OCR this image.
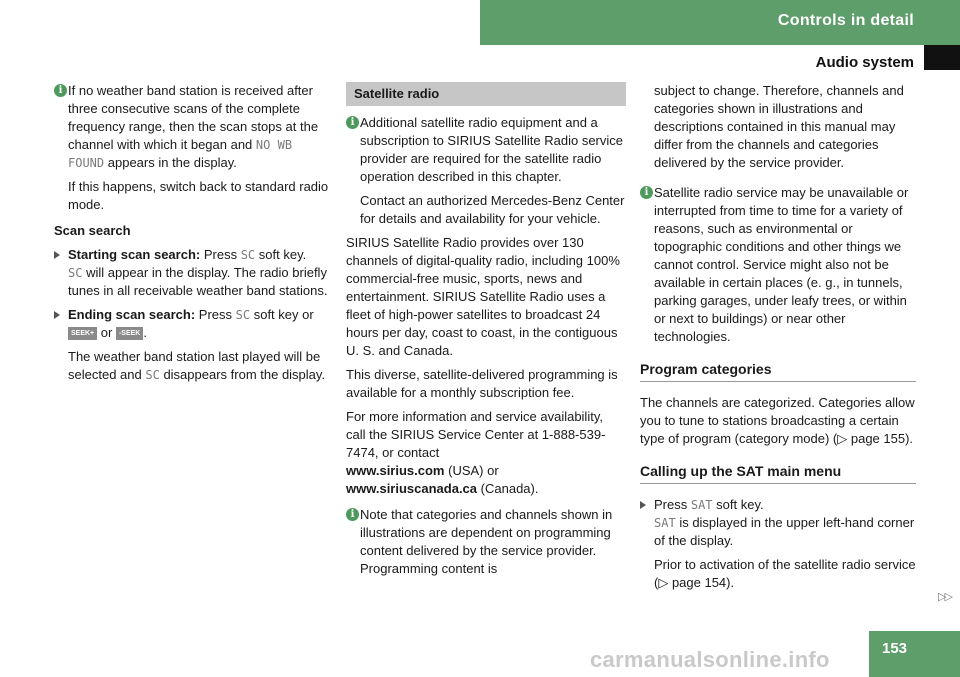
Controls in detail
Audio system
i If no weather band station is received after three consecutive scans of the complete frequency range, then the scan stops at the channel with which it began and NO WB FOUND appears in the display.

If this happens, switch back to standard radio mode.

Scan search

Starting scan search: Press SC soft key.
SC will appear in the display. The radio briefly tunes in all receivable weather band stations.

Ending scan search: Press SC soft key or
SEEK+ or -SEEK .

The weather band station last played will be selected and SC disappears from the display.

Satellite radio
i Additional satellite radio equipment and a subscription to SIRIUS Satellite Radio service provider are required for the satellite radio operation described in this chapter.

Contact an authorized Mercedes-Benz Center for details and availability for your vehicle.

SIRIUS Satellite Radio provides over 130 channels of digital-quality radio, including 100% commercial-free music, sports, news and entertainment. SIRIUS Satellite Radio uses a fleet of high-power satellites to broadcast 24 hours per day, coast to coast, in the contiguous U. S. and Canada.

This diverse, satellite-delivered programming is available for a monthly subscription fee.

For more information and service availability, call the SIRIUS Service Center at 1-888-539-7474, or contact
www.sirius.com (USA) or
www.siriuscanada.ca (Canada).

i Note that categories and channels shown in illustrations are dependent on programming content delivered by the service provider. Programming content is

subject to change. Therefore, channels and categories shown in illustrations and descriptions contained in this manual may differ from the channels and categories delivered by the service provider.

i Satellite radio service may be unavailable or interrupted from time to time for a variety of reasons, such as environmental or topographic conditions and other things we cannot control. Service might also not be available in certain places (e. g., in tunnels, parking garages, under leafy trees, or within or next to buildings) or near other technologies.

Program categories

The channels are categorized. Categories allow you to tune to stations broadcasting a certain type of program (category mode) (▷ page 155).

Calling up the SAT main menu

Press SAT soft key.
SAT is displayed in the upper left-hand corner of the display.

Prior to activation of the satellite radio service (▷ page 154).

▷▷
153
carmanualsonline.info
